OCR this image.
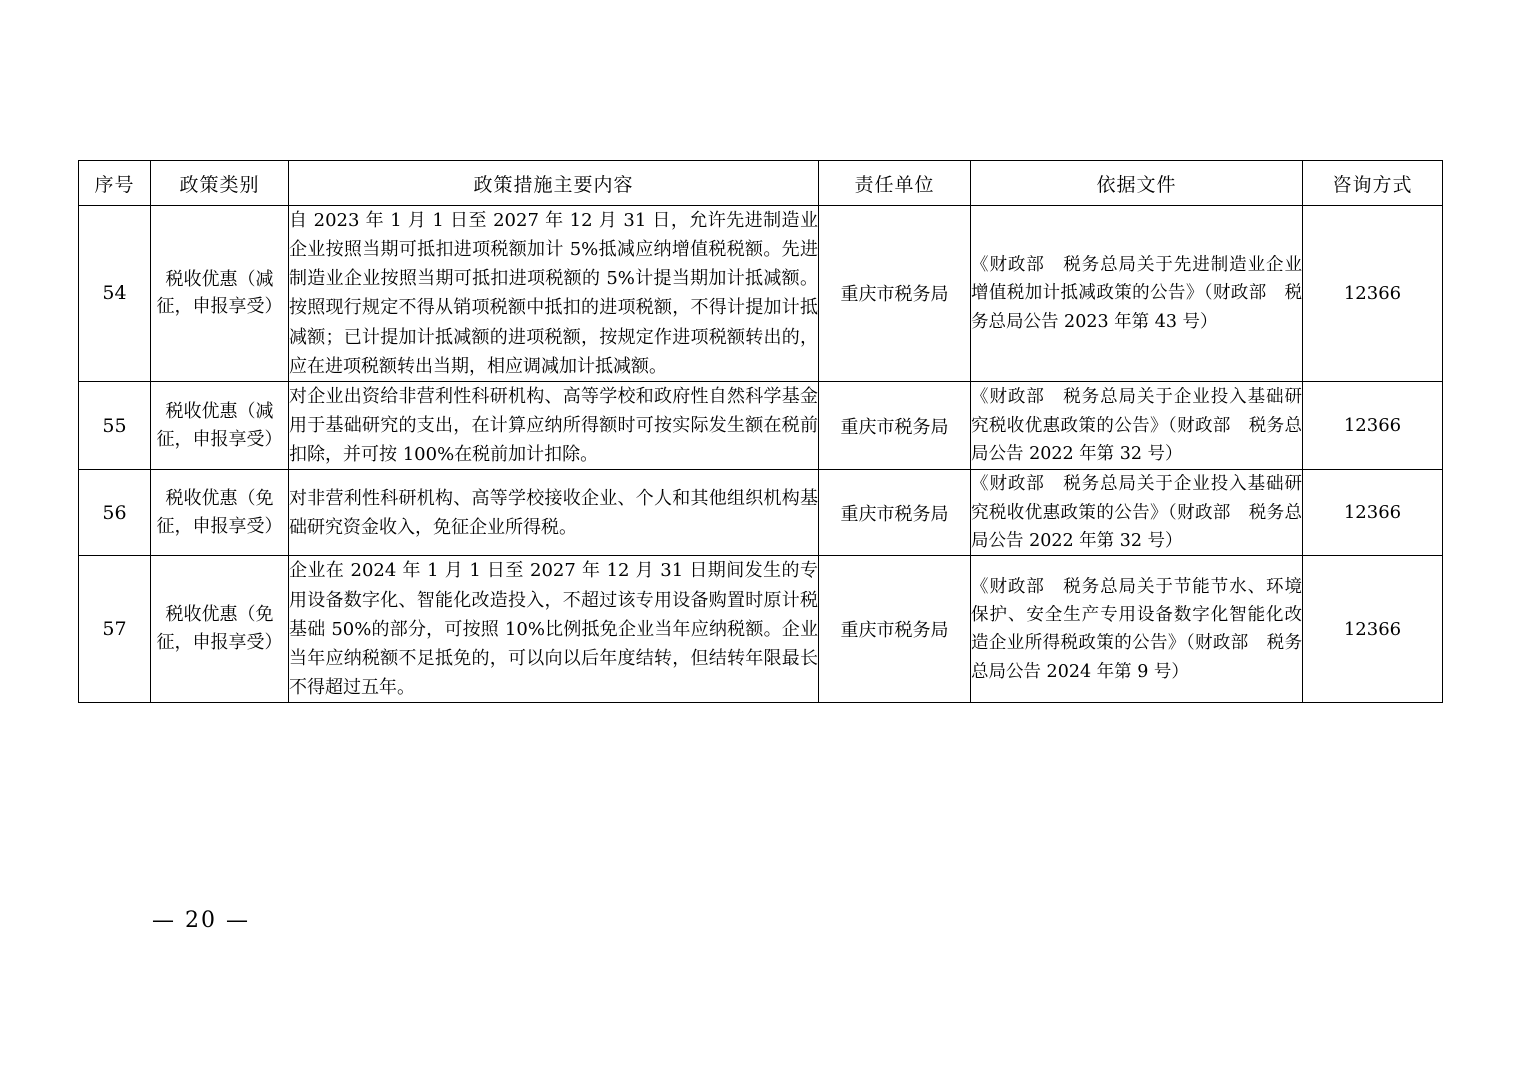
序号	政策类别	政策措施主要内容	责任单位	依据文件	咨询方式
54	税收优惠（减征，申报享受）	自 2023 年 1 月 1 日至 2027 年 12 月 31 日，允许先进制造业企业按照当期可抵扣进项税额加计 5%抵减应纳增值税税额。先进制造业企业按照当期可抵扣进项税额的 5%计提当期加计抵减额。按照现行规定不得从销项税额中抵扣的进项税额，不得计提加计抵减额；已计提加计抵减额的进项税额，按规定作进项税额转出的，应在进项税额转出当期，相应调减加计抵减额。	重庆市税务局	《财政部　税务总局关于先进制造业企业增值税加计抵减政策的公告》（财政部　税务总局公告 2023 年第 43 号）	12366
55	税收优惠（减征，申报享受）	对企业出资给非营利性科研机构、高等学校和政府性自然科学基金用于基础研究的支出，在计算应纳所得额时可按实际发生额在税前扣除，并可按 100%在税前加计扣除。	重庆市税务局	《财政部　税务总局关于企业投入基础研究税收优惠政策的公告》（财政部　税务总局公告 2022 年第 32 号）	12366
56	税收优惠（免征，申报享受）	对非营利性科研机构、高等学校接收企业、个人和其他组织机构基础研究资金收入，免征企业所得税。	重庆市税务局	《财政部　税务总局关于企业投入基础研究税收优惠政策的公告》（财政部　税务总局公告 2022 年第 32 号）	12366
57	税收优惠（免征，申报享受）	企业在 2024 年 1 月 1 日至 2027 年 12 月 31 日期间发生的专用设备数字化、智能化改造投入，不超过该专用设备购置时原计税基础 50%的部分，可按照 10%比例抵免企业当年应纳税额。企业当年应纳税额不足抵免的，可以向以后年度结转，但结转年限最长不得超过五年。	重庆市税务局	《财政部　税务总局关于节能节水、环境保护、安全生产专用设备数字化智能化改造企业所得税政策的公告》（财政部　税务总局公告 2024 年第 9 号）	12366
— 20 —
